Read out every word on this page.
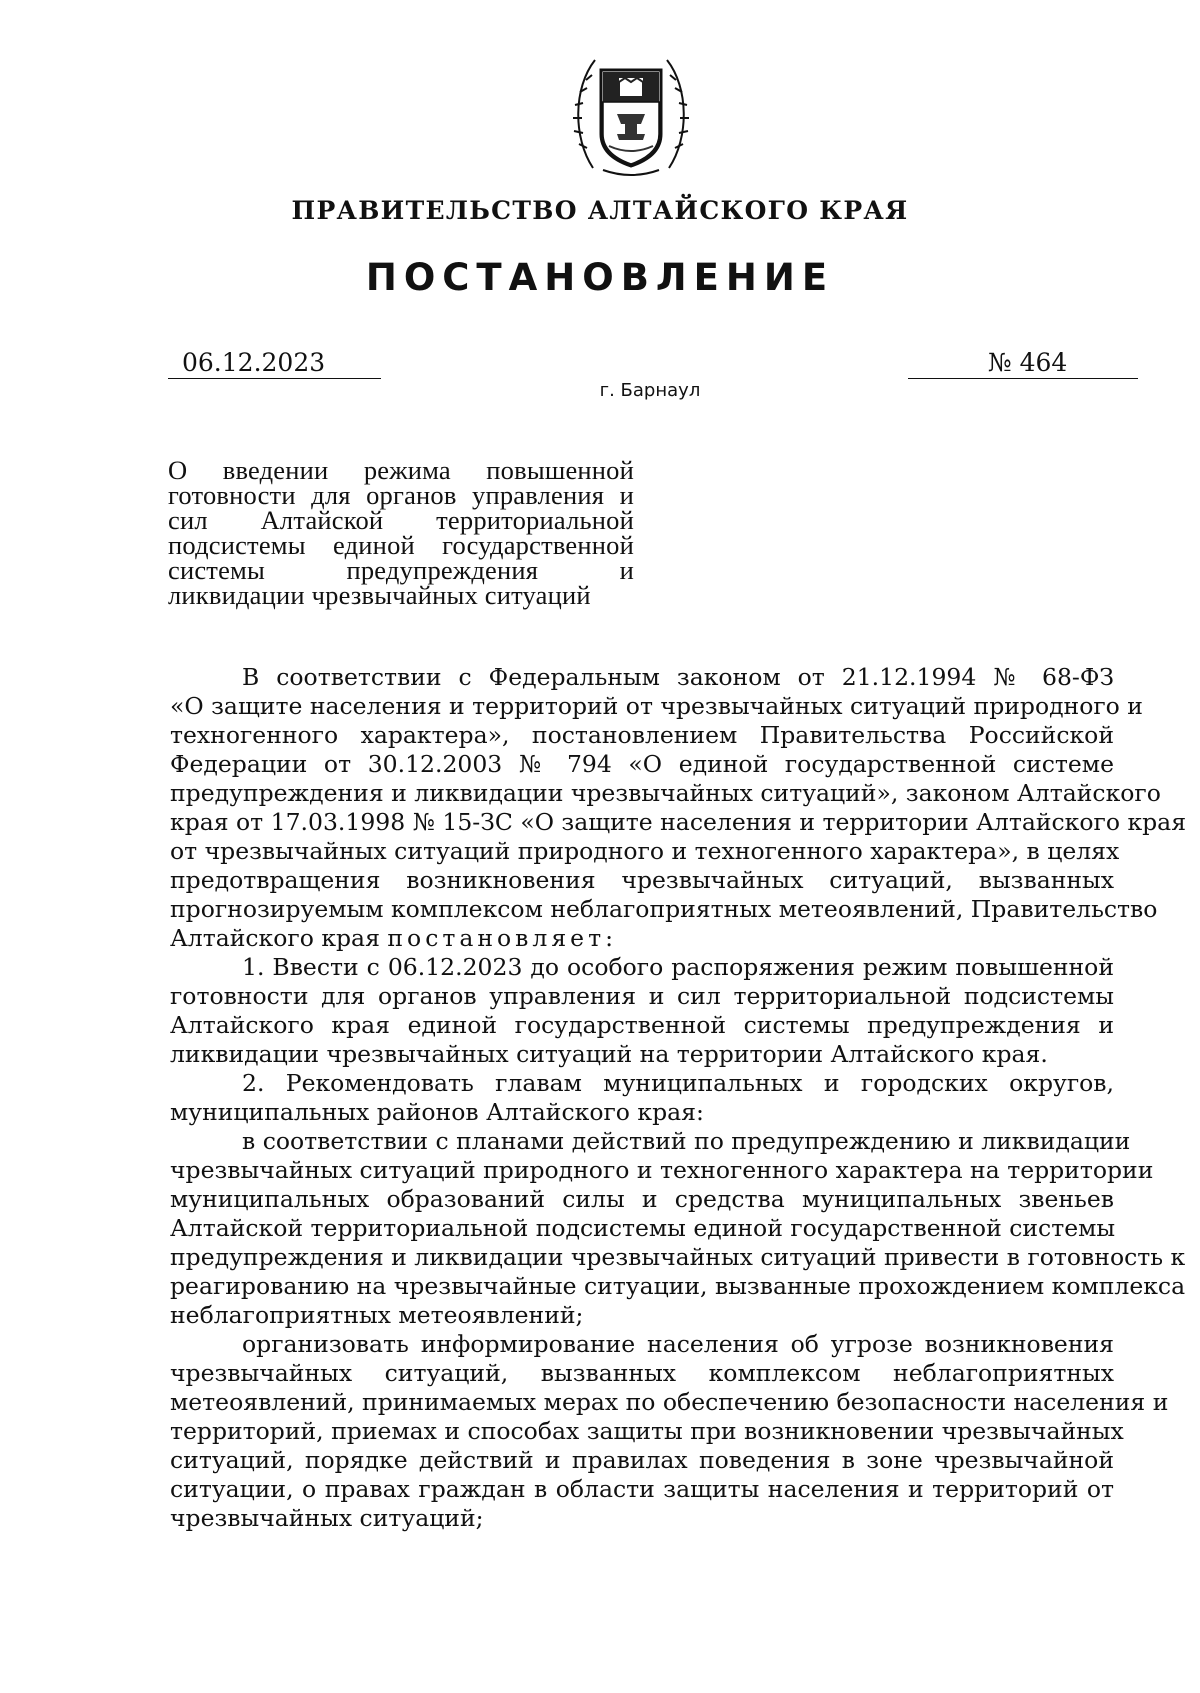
ПРАВИТЕЛЬСТВО АЛТАЙСКОГО КРАЯ
ПОСТАНОВЛЕНИЕ
06.12.2023	№ 464
г. Барнаул
О введении режима повышенной
готовности для органов управления и
сил Алтайской территориальной
подсистемы единой государственной
системы предупреждения и
ликвидации чрезвычайных ситуаций
В соответствии с Федеральным законом от 21.12.1994 № 68-ФЗ
«О защите населения и территорий от чрезвычайных ситуаций природного и
техногенного характера», постановлением Правительства Российской
Федерации от 30.12.2003 № 794 «О единой государственной системе
предупреждения и ликвидации чрезвычайных ситуаций», законом Алтайского
края от 17.03.1998 № 15-ЗС «О защите населения и территории Алтайского края
от чрезвычайных ситуаций природного и техногенного характера», в целях
предотвращения возникновения чрезвычайных ситуаций, вызванных
прогнозируемым комплексом неблагоприятных метеоявлений, Правительство
Алтайского края постановляет:
1. Ввести с 06.12.2023 до особого распоряжения режим повышенной
готовности для органов управления и сил территориальной подсистемы
Алтайского края единой государственной системы предупреждения и
ликвидации чрезвычайных ситуаций на территории Алтайского края.
2. Рекомендовать главам муниципальных и городских округов,
муниципальных районов Алтайского края:
в соответствии с планами действий по предупреждению и ликвидации
чрезвычайных ситуаций природного и техногенного характера на территории
муниципальных образований силы и средства муниципальных звеньев
Алтайской территориальной подсистемы единой государственной системы
предупреждения и ликвидации чрезвычайных ситуаций привести в готовность к
реагированию на чрезвычайные ситуации, вызванные прохождением комплекса
неблагоприятных метеоявлений;
организовать информирование населения об угрозе возникновения
чрезвычайных ситуаций, вызванных комплексом неблагоприятных
метеоявлений, принимаемых мерах по обеспечению безопасности населения и
территорий, приемах и способах защиты при возникновении чрезвычайных
ситуаций, порядке действий и правилах поведения в зоне чрезвычайной
ситуации, о правах граждан в области защиты населения и территорий от
чрезвычайных ситуаций;
